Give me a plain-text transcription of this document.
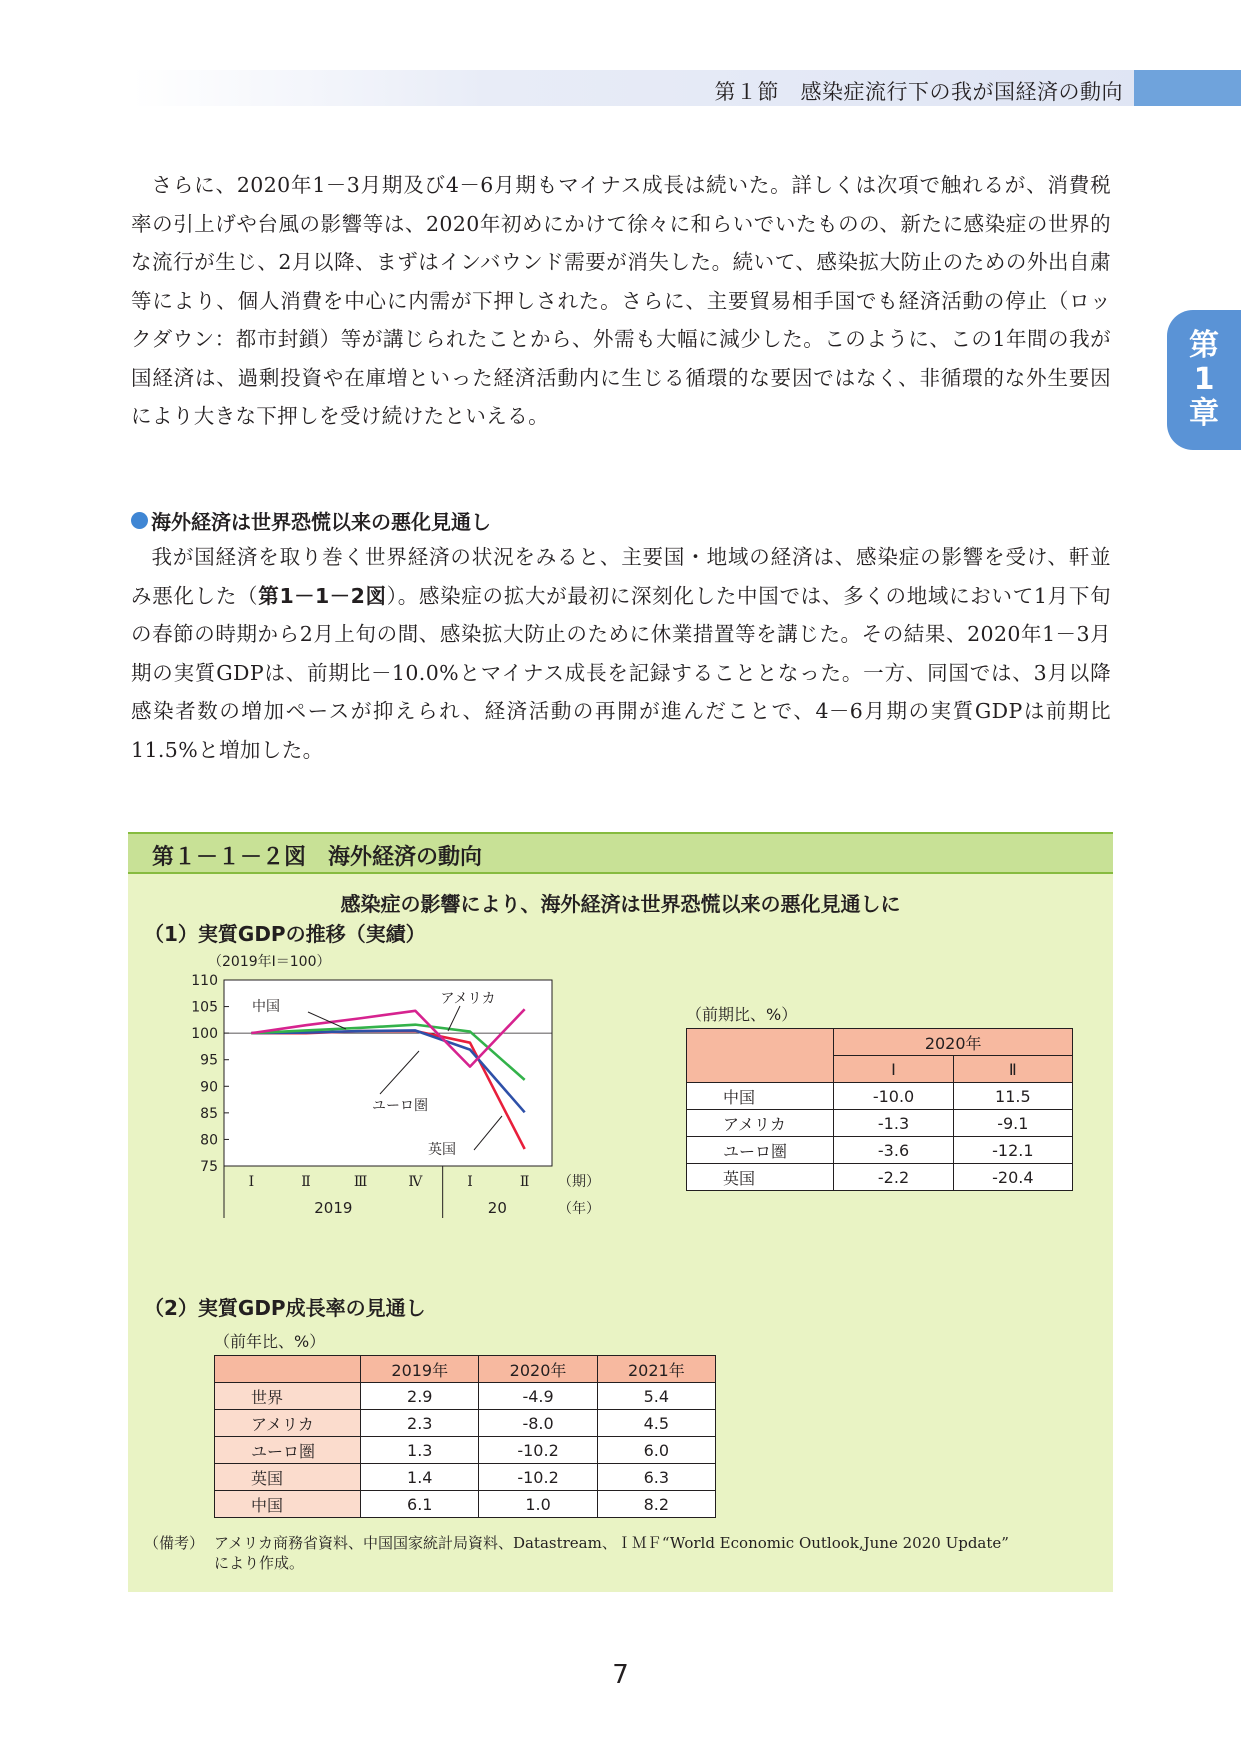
第１節　感染症流行下の我が国経済の動向
第
1
章

さらに、2020年1－3月期及び4－6月期もマイナス成長は続いた。詳しくは次項で触れるが、消費税率の引上げや台風の影響等は、2020年初めにかけて徐々に和らいでいたものの、新たに感染症の世界的な流行が生じ、2月以降、まずはインバウンド需要が消失した。続いて、感染拡大防止のための外出自粛等により、個人消費を中心に内需が下押しされた。さらに、主要貿易相手国でも経済活動の停止（ロックダウン：都市封鎖）等が講じられたことから、外需も大幅に減少した。このように、この1年間の我が国経済は、過剰投資や在庫増といった経済活動内に生じる循環的な要因ではなく、非循環的な外生要因により大きな下押しを受け続けたといえる。

海外経済は世界恐慌以来の悪化見通し

我が国経済を取り巻く世界経済の状況をみると、主要国・地域の経済は、感染症の影響を受け、軒並み悪化した（第1－1－2図）。感染症の拡大が最初に深刻化した中国では、多くの地域において1月下旬の春節の時期から2月上旬の間、感染拡大防止のために休業措置等を講じた。その結果、2020年1－3月期の実質GDPは、前期比－10.0%とマイナス成長を記録することとなった。一方、同国では、3月以降感染者数の増加ペースが抑えられ、経済活動の再開が進んだことで、4－6月期の実質GDPは前期比11.5%と増加した。

第１－１－２図　海外経済の動向
感染症の影響により、海外経済は世界恐慌以来の悪化見通しに
（1）実質GDPの推移（実績）
（2019年Ⅰ＝100）
75
80
85
90
95
100
105
110
Ⅰ	Ⅱ	Ⅲ	Ⅳ	Ⅰ	Ⅱ
2019	20
（期）
（年）
中国	アメリカ
ユーロ圏
英国
（前期比、%）
	2020年	
	Ⅰ	Ⅱ
中国	-10.0	11.5
アメリカ	-1.3	-9.1
ユーロ圏	-3.6	-12.1
英国	-2.2	-20.4
（2）実質GDP成長率の見通し
（前年比、%）
	2019年	2020年	2021年
世界	2.9	-4.9	5.4
アメリカ	2.3	-8.0	4.5
ユーロ圏	1.3	-10.2	6.0
英国	1.4	-10.2	6.3
中国	6.1	1.0	8.2
（備考） アメリカ商務省資料、中国国家統計局資料、Datastream、ＩＭＦ“World Economic Outlook,June 2020 Update”
により作成。
7
